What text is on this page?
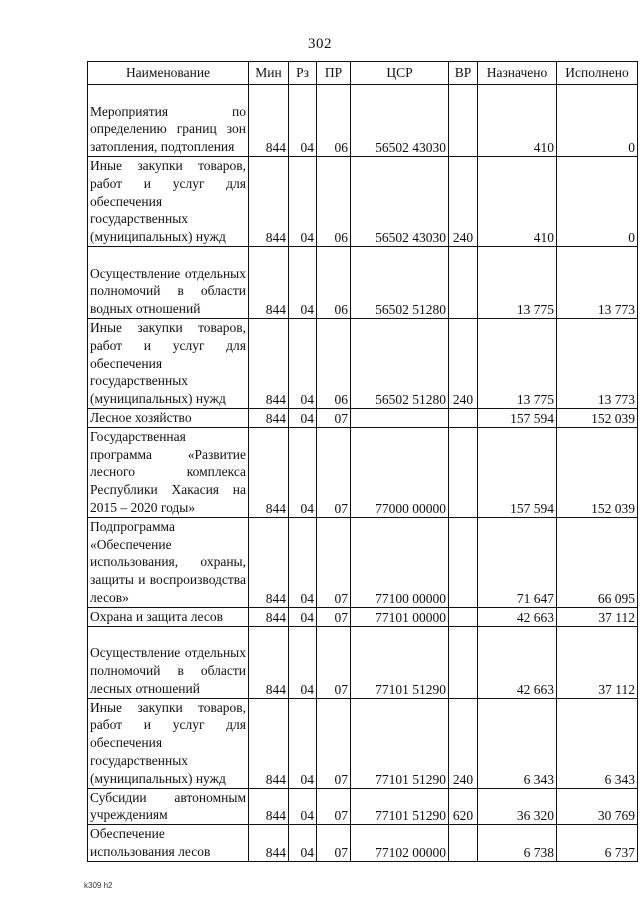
302
Наименование	Мин	Рз	ПР	ЦСР	ВР	Назначено	Исполнено
Мероприятия по определению границ зон затопления, подтопления	844	04	06	56502 43030		410	0
Иные закупки товаров, работ и услуг для обеспечения государственных (муниципальных) нужд	844	04	06	56502 43030	240	410	0
Осуществление отдельных полномочий в области водных отношений	844	04	06	56502 51280		13 775	13 773
Иные закупки товаров, работ и услуг для обеспечения государственных (муниципальных) нужд	844	04	06	56502 51280	240	13 775	13 773
Лесное хозяйство	844	04	07			157 594	152 039
Государственная программа «Развитие лесного комплекса Республики Хакасия на 2015 – 2020 годы»	844	04	07	77000 00000		157 594	152 039
Подпрограмма «Обеспечение использования, охраны, защиты и воспроизводства лесов»	844	04	07	77100 00000		71 647	66 095
Охрана и защита лесов	844	04	07	77101 00000		42 663	37 112
Осуществление отдельных полномочий в области лесных отношений	844	04	07	77101 51290		42 663	37 112
Иные закупки товаров, работ и услуг для обеспечения государственных (муниципальных) нужд	844	04	07	77101 51290	240	6 343	6 343
Субсидии автономным учреждениям	844	04	07	77101 51290	620	36 320	30 769
Обеспечение использования лесов	844	04	07	77102 00000		6 738	6 737
k309 h2
